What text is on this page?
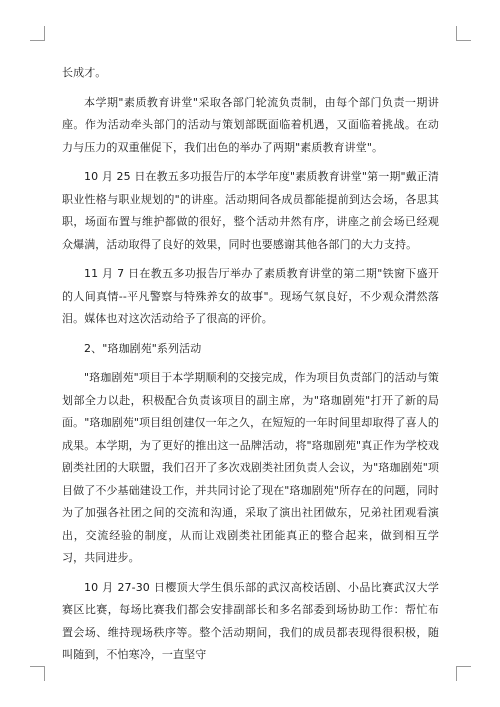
长成才。

本学期"素质教育讲堂"采取各部门轮流负责制，由每个部门负责一期讲座。作为活动牵头部门的活动与策划部既面临着机遇，又面临着挑战。在动力与压力的双重催促下，我们出色的举办了两期"素质教育讲堂"。

10 月 25 日在教五多功报告厅的本学年度"素质教育讲堂"第一期"戴正清职业性格与职业规划的"的讲座。活动期间各成员都能提前到达会场，各思其职，场面布置与维护都做的很好，整个活动井然有序，讲座之前会场已经观众爆满，活动取得了良好的效果，同时也要感谢其他各部门的大力支持。

11 月 7 日在教五多功报告厅举办了素质教育讲堂的第二期"铁窗下盛开的人间真情--平凡警察与特殊养女的故事"。现场气氛良好，不少观众潸然落泪。媒体也对这次活动给予了很高的评价。

2、"珞珈剧苑"系列活动

"珞珈剧苑"项目于本学期顺利的交接完成，作为项目负责部门的活动与策划部全力以赴，积极配合负责该项目的副主席，为"珞珈剧苑"打开了新的局面。"珞珈剧苑"项目组创建仅一年之久，在短短的一年时间里却取得了喜人的成果。本学期，为了更好的推出这一品牌活动，将"珞珈剧苑"真正作为学校戏剧类社团的大联盟，我们召开了多次戏剧类社团负责人会议，为"珞珈剧苑"项目做了不少基础建设工作，并共同讨论了现在"珞珈剧苑"所存在的问题，同时为了加强各社团之间的交流和沟通，采取了演出社团做东，兄弟社团观看演出，交流经验的制度，从而让戏剧类社团能真正的整合起来，做到相互学习，共同进步。

10 月 27-30 日樱顶大学生俱乐部的武汉高校话剧、小品比赛武汉大学赛区比赛，每场比赛我们都会安排副部长和多名部委到场协助工作：帮忙布置会场、维持现场秩序等。整个活动期间，我们的成员都表现得很积极，随叫随到，不怕寒冷，一直坚守
